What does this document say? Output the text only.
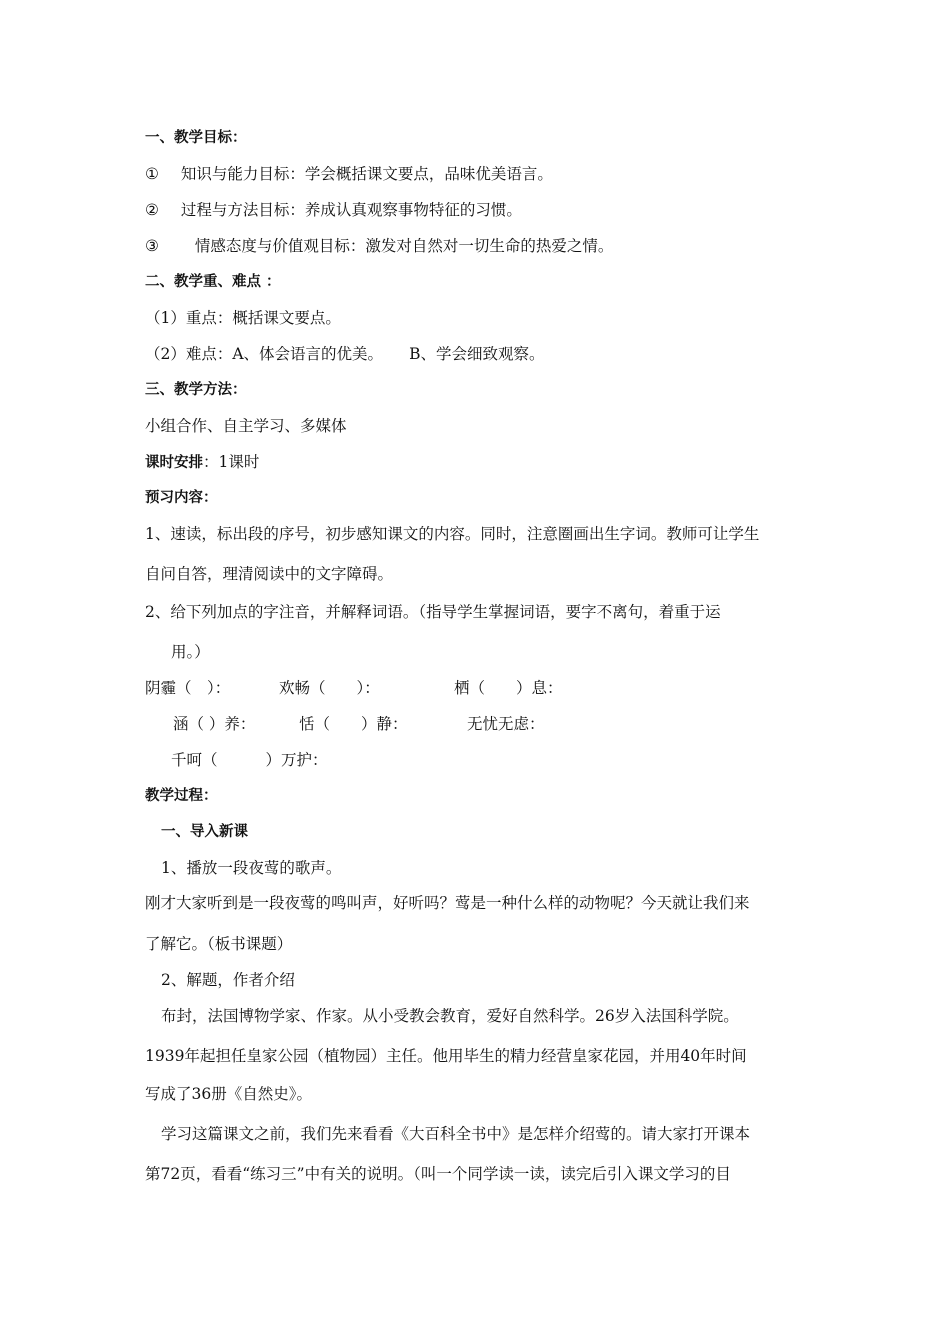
一、教学目标：
① 知识与能力目标：学会概括课文要点，品味优美语言。
② 过程与方法目标：养成认真观察事物特征的习惯。
③ 情感态度与价值观目标：激发对自然对一切生命的热爱之情。
二、教学重、难点 ：
（1）重点：概括课文要点。
（2）难点：A、体会语言的优美。 B、学会细致观察。
三、教学方法：
小组合作、自主学习、多媒体
课时安排：1课时
预习内容：
1、速读，标出段的序号，初步感知课文的内容。同时，注意圈画出生字词。教师可让学生
自问自答，理清阅读中的文字障碍。
2、给下列加点的字注音，并解释词语。（指导学生掌握词语，要字不离句，着重于运
用。）
阴霾（　）：	欢畅（　　）：	栖（　　）息：
涵（ ）养：	恬（　　）静：	无忧无虑：
千呵（	）万护：
教学过程：
一、导入新课
1、播放一段夜莺的歌声。
刚才大家听到是一段夜莺的鸣叫声，好听吗？莺是一种什么样的动物呢？今天就让我们来
了解它。（板书课题）
2、解题，作者介绍
布封，法国博物学家、作家。从小受教会教育，爱好自然科学。26岁入法国科学院。
1939年起担任皇家公园（植物园）主任。他用毕生的精力经营皇家花园，并用40年时间
写成了36册《自然史》。
学习这篇课文之前，我们先来看看《大百科全书中》是怎样介绍莺的。请大家打开课本
第72页，看看“练习三”中有关的说明。（叫一个同学读一读，读完后引入课文学习的目
